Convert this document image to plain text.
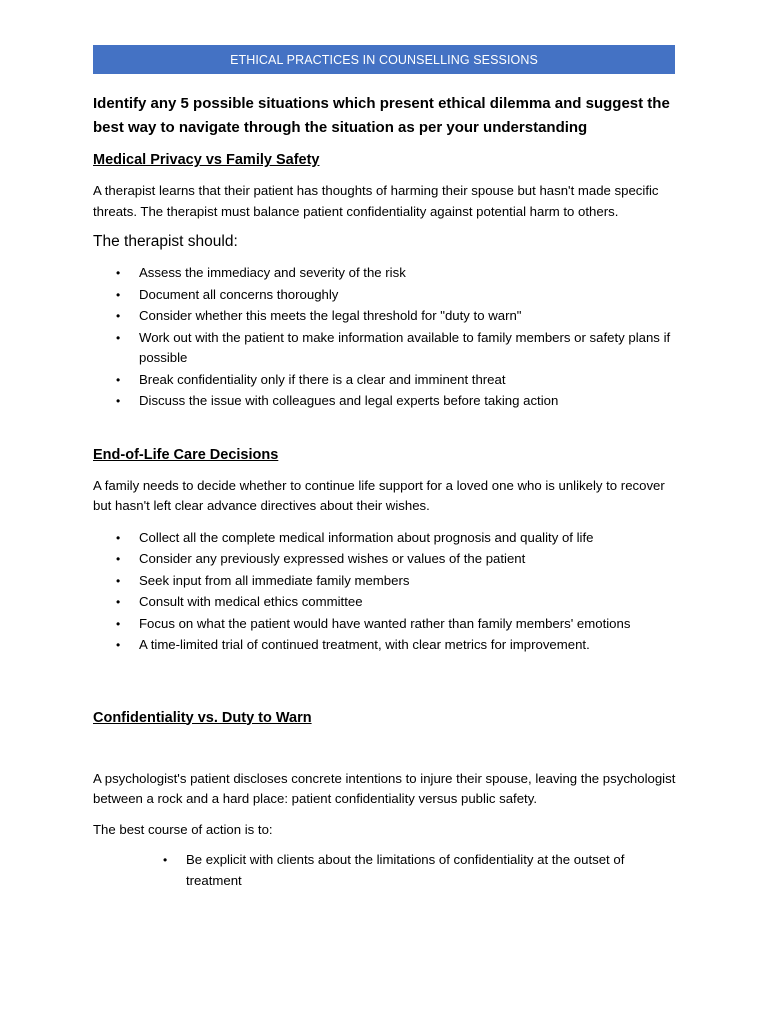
ETHICAL PRACTICES IN COUNSELLING SESSIONS

Identify any 5 possible situations which present ethical dilemma and suggest the best way to navigate through the situation as per your understanding

Medical Privacy vs Family Safety

A therapist learns that their patient has thoughts of harming their spouse but hasn't made specific threats. The therapist must balance patient confidentiality against potential harm to others.

The therapist should:

• Assess the immediacy and severity of the risk
• Document all concerns thoroughly
• Consider whether this meets the legal threshold for "duty to warn"
• Work out with the patient to make information available to family members or safety plans if possible
• Break confidentiality only if there is a clear and imminent threat
• Discuss the issue with colleagues and legal experts before taking action
End-of-Life Care Decisions

A family needs to decide whether to continue life support for a loved one who is unlikely to recover but hasn't left clear advance directives about their wishes.

• Collect all the complete medical information about prognosis and quality of life
• Consider any previously expressed wishes or values of the patient
• Seek input from all immediate family members
• Consult with medical ethics committee
• Focus on what the patient would have wanted rather than family members' emotions
• A time-limited trial of continued treatment, with clear metrics for improvement.
Confidentiality vs. Duty to Warn

A psychologist's patient discloses concrete intentions to injure their spouse, leaving the psychologist between a rock and a hard place: patient confidentiality versus public safety.

The best course of action is to:

• Be explicit with clients about the limitations of confidentiality at the outset of treatment
